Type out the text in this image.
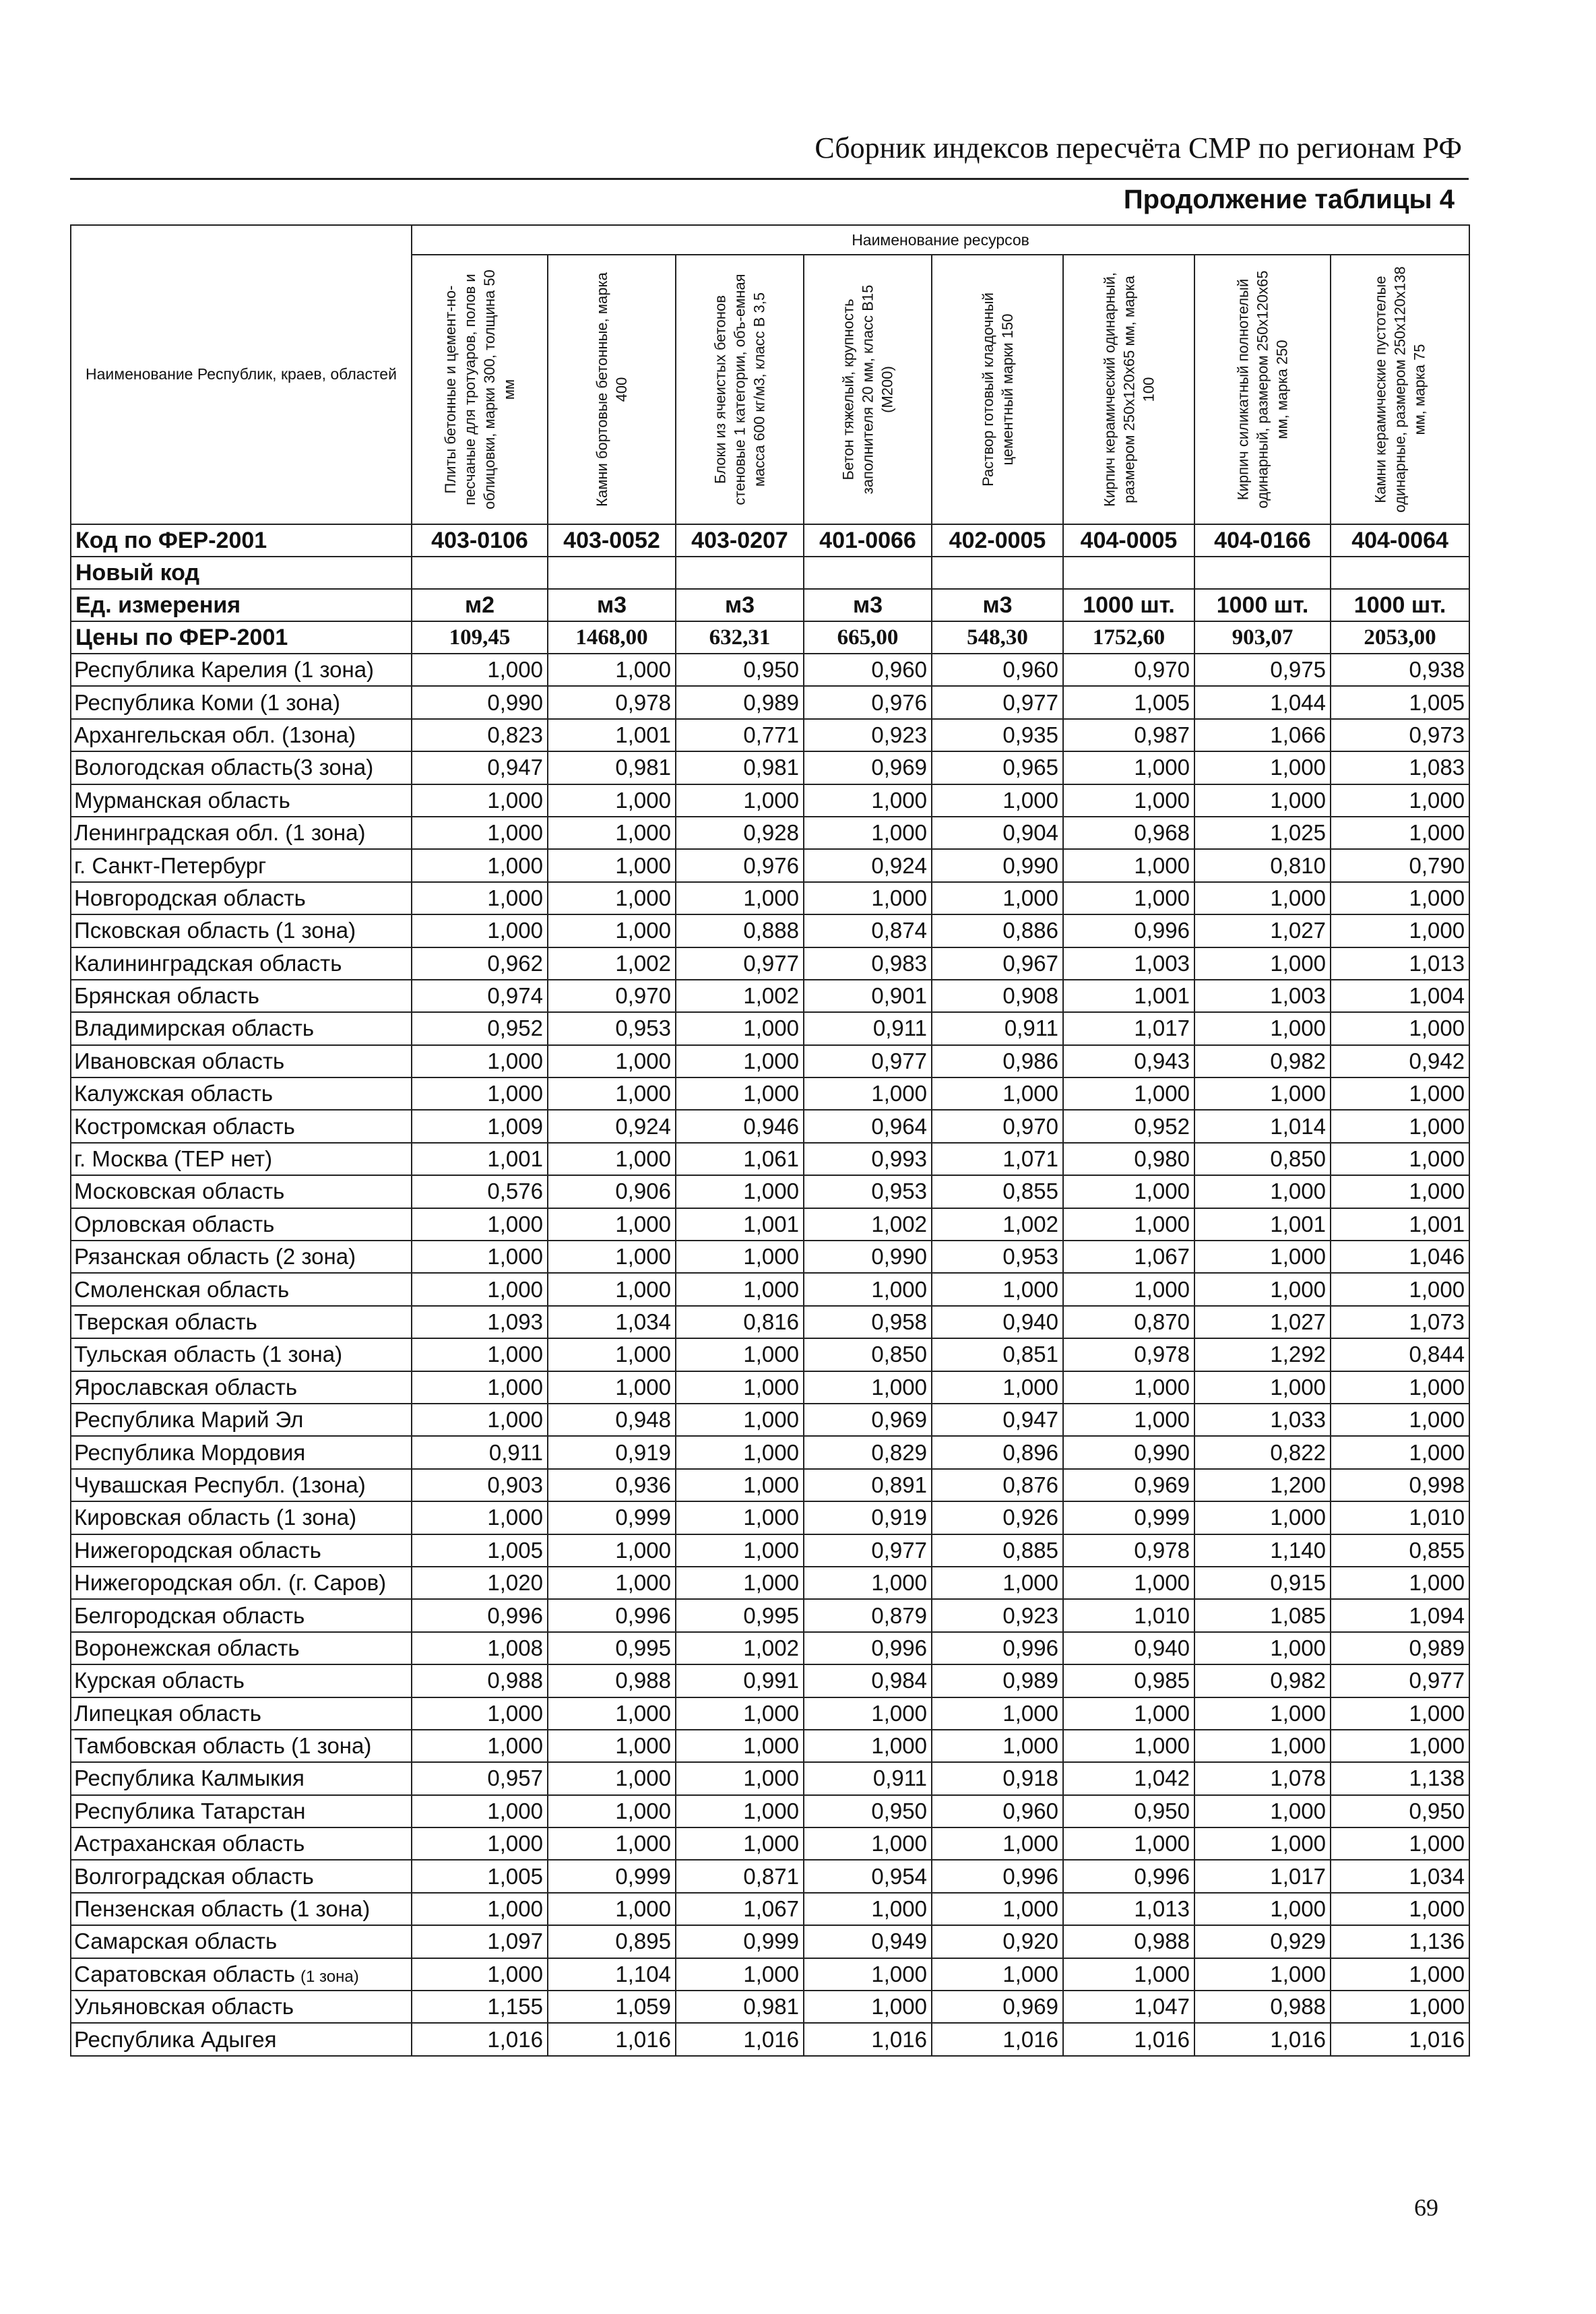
Сборник индексов пересчёта СМР по регионам РФ
Продолжение таблицы 4
Наименование Республик, краев, областей	Наименование ресурсов							

	Плиты бетонные и цемент-но-песчаные для тротуаров, полов и облицовки, марки 300, толщина 50 мм	Камни бортовые бетонные, марка 400	Блоки из ячеистых бетонов стеновые 1 категории, объ-емная масса 600 кг/м3, класс В 3,5	Бетон тяжелый, крупность заполнителя 20 мм, класс В15 (М200)	Раствор готовый кладочный цементный марки 150	Кирпич керамический одинарный, размером 250х120х65 мм, марка 100	Кирпич силикатный полнотелый одинарный, размером 250х120х65 мм, марка 250	Камни керамические пустотелые одинарные, размером 250х120х138 мм, марка 75

Код по ФЕР-2001	403-0106	403-0052	403-0207	401-0066	402-0005	404-0005	404-0166	404-0064
Новый код								
Ед. измерения	м2	м3	м3	м3	м3	1000 шт.	1000 шт.	1000 шт.
Цены по ФЕР-2001	109,45	1468,00	632,31	665,00	548,30	1752,60	903,07	2053,00
Республика Карелия (1 зона)	1,000	1,000	0,950	0,960	0,960	0,970	0,975	0,938
Республика Коми (1 зона)	0,990	0,978	0,989	0,976	0,977	1,005	1,044	1,005
Архангельская обл. (1зона)	0,823	1,001	0,771	0,923	0,935	0,987	1,066	0,973
Вологодская область(3 зона)	0,947	0,981	0,981	0,969	0,965	1,000	1,000	1,083
Мурманская область	1,000	1,000	1,000	1,000	1,000	1,000	1,000	1,000
Ленинградская обл. (1 зона)	1,000	1,000	0,928	1,000	0,904	0,968	1,025	1,000
г. Санкт-Петербург	1,000	1,000	0,976	0,924	0,990	1,000	0,810	0,790
Новгородская область	1,000	1,000	1,000	1,000	1,000	1,000	1,000	1,000
Псковская область (1 зона)	1,000	1,000	0,888	0,874	0,886	0,996	1,027	1,000
Калининградская область	0,962	1,002	0,977	0,983	0,967	1,003	1,000	1,013
Брянская область	0,974	0,970	1,002	0,901	0,908	1,001	1,003	1,004
Владимирская область	0,952	0,953	1,000	0,911	0,911	1,017	1,000	1,000
Ивановская область	1,000	1,000	1,000	0,977	0,986	0,943	0,982	0,942
Калужская область	1,000	1,000	1,000	1,000	1,000	1,000	1,000	1,000
Костромская область	1,009	0,924	0,946	0,964	0,970	0,952	1,014	1,000
г. Москва (ТЕР нет)	1,001	1,000	1,061	0,993	1,071	0,980	0,850	1,000
Московская область	0,576	0,906	1,000	0,953	0,855	1,000	1,000	1,000
Орловская область	1,000	1,000	1,001	1,002	1,002	1,000	1,001	1,001
Рязанская область (2 зона)	1,000	1,000	1,000	0,990	0,953	1,067	1,000	1,046
Смоленская область	1,000	1,000	1,000	1,000	1,000	1,000	1,000	1,000
Тверская область	1,093	1,034	0,816	0,958	0,940	0,870	1,027	1,073
Тульская область (1 зона)	1,000	1,000	1,000	0,850	0,851	0,978	1,292	0,844
Ярославская область	1,000	1,000	1,000	1,000	1,000	1,000	1,000	1,000
Республика Марий Эл	1,000	0,948	1,000	0,969	0,947	1,000	1,033	1,000
Республика Мордовия	0,911	0,919	1,000	0,829	0,896	0,990	0,822	1,000
Чувашская Республ. (1зона)	0,903	0,936	1,000	0,891	0,876	0,969	1,200	0,998
Кировская область (1 зона)	1,000	0,999	1,000	0,919	0,926	0,999	1,000	1,010
Нижегородская область	1,005	1,000	1,000	0,977	0,885	0,978	1,140	0,855
Нижегородская обл. (г. Саров)	1,020	1,000	1,000	1,000	1,000	1,000	0,915	1,000
Белгородская область	0,996	0,996	0,995	0,879	0,923	1,010	1,085	1,094
Воронежская область	1,008	0,995	1,002	0,996	0,996	0,940	1,000	0,989
Курская область	0,988	0,988	0,991	0,984	0,989	0,985	0,982	0,977
Липецкая область	1,000	1,000	1,000	1,000	1,000	1,000	1,000	1,000
Тамбовская область (1 зона)	1,000	1,000	1,000	1,000	1,000	1,000	1,000	1,000
Республика Калмыкия	0,957	1,000	1,000	0,911	0,918	1,042	1,078	1,138
Республика Татарстан	1,000	1,000	1,000	0,950	0,960	0,950	1,000	0,950
Астраханская область	1,000	1,000	1,000	1,000	1,000	1,000	1,000	1,000
Волгоградская область	1,005	0,999	0,871	0,954	0,996	0,996	1,017	1,034
Пензенская область (1 зона)	1,000	1,000	1,067	1,000	1,000	1,013	1,000	1,000
Самарская область	1,097	0,895	0,999	0,949	0,920	0,988	0,929	1,136
Саратовская область (1 зона)	1,000	1,104	1,000	1,000	1,000	1,000	1,000	1,000
Ульяновская область	1,155	1,059	0,981	1,000	0,969	1,047	0,988	1,000
Республика Адыгея	1,016	1,016	1,016	1,016	1,016	1,016	1,016	1,016
69
